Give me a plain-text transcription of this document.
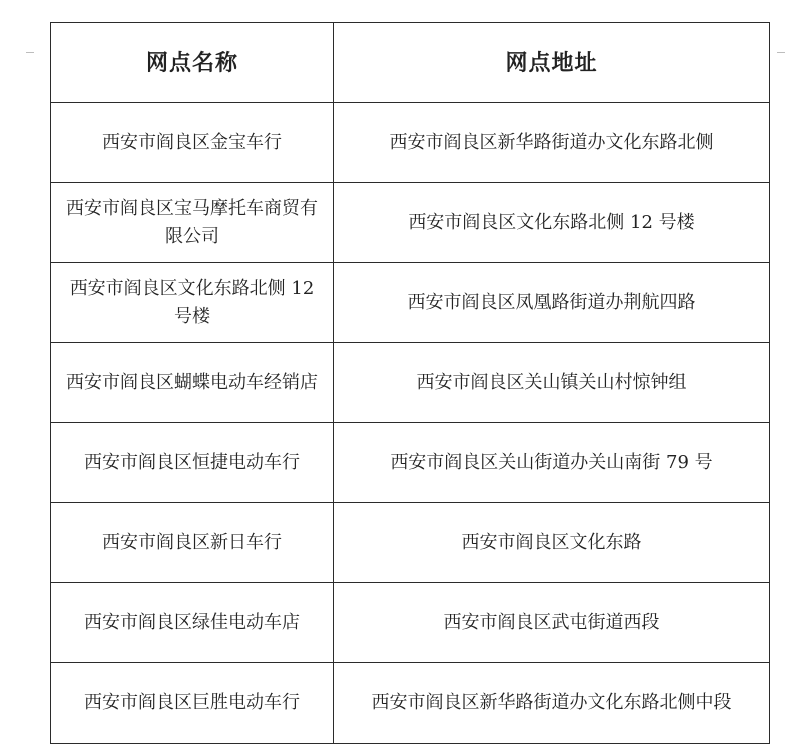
网点名称	网点地址
西安市阎良区金宝车行	西安市阎良区新华路街道办文化东路北侧
西安市阎良区宝马摩托车商贸有限公司	西安市阎良区文化东路北侧 12 号楼
西安市阎良区文化东路北侧 12 号楼	西安市阎良区凤凰路街道办荆航四路
西安市阎良区蝴蝶电动车经销店	西安市阎良区关山镇关山村惊钟组
西安市阎良区恒捷电动车行	西安市阎良区关山街道办关山南街 79 号
西安市阎良区新日车行	西安市阎良区文化东路
西安市阎良区绿佳电动车店	西安市阎良区武屯街道西段
西安市阎良区巨胜电动车行	西安市阎良区新华路街道办文化东路北侧中段
